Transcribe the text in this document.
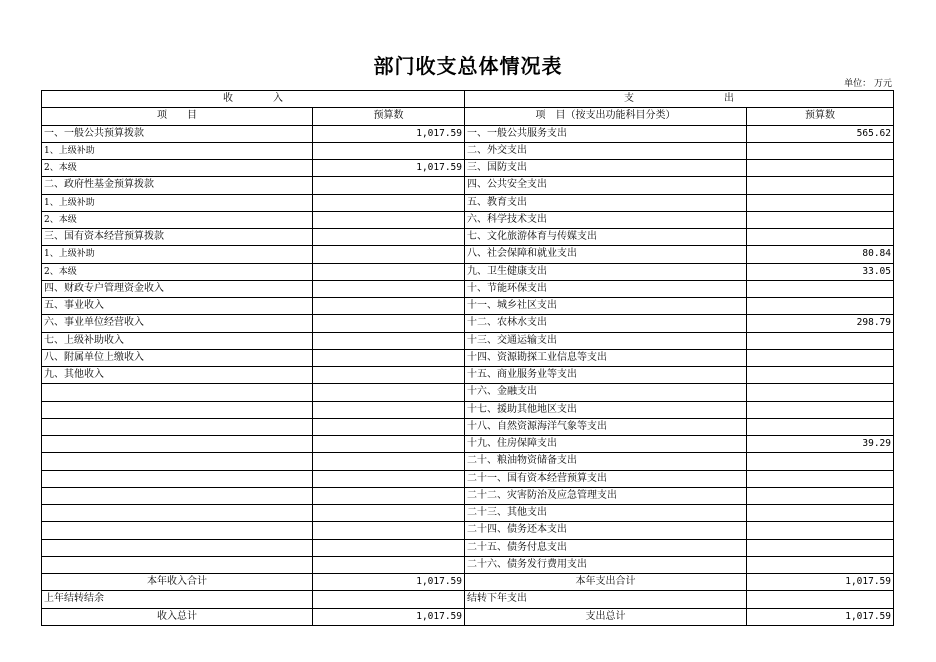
部门收支总体情况表
单位： 万元
收　　　　入		支　　　　　　　　　出	
项　　目	预算数	项　目（按支出功能科目分类）	预算数
一、一般公共预算拨款	1,017.59	一、一般公共服务支出	565.62
1、上级补助		二、外交支出	
2、本级	1,017.59	三、国防支出	
二、政府性基金预算拨款		四、公共安全支出	
1、上级补助		五、教育支出	
2、本级		六、科学技术支出	
三、国有资本经营预算拨款		七、文化旅游体育与传媒支出	
1、上级补助		八、社会保障和就业支出	80.84
2、本级		九、卫生健康支出	33.05
四、财政专户管理资金收入		十、节能环保支出	
五、事业收入		十一、城乡社区支出	
六、事业单位经营收入		十二、农林水支出	298.79
七、上级补助收入		十三、交通运输支出	
八、附属单位上缴收入		十四、资源勘探工业信息等支出	
九、其他收入		十五、商业服务业等支出	
		十六、金融支出	
		十七、援助其他地区支出	
		十八、自然资源海洋气象等支出	
		十九、住房保障支出	39.29
		二十、粮油物资储备支出	
		二十一、国有资本经营预算支出	
		二十二、灾害防治及应急管理支出	
		二十三、其他支出	
		二十四、债务还本支出	
		二十五、债务付息支出	
		二十六、债务发行费用支出	
本年收入合计	1,017.59	本年支出合计	1,017.59
上年结转结余		结转下年支出	
收入总计	1,017.59	支出总计	1,017.59
